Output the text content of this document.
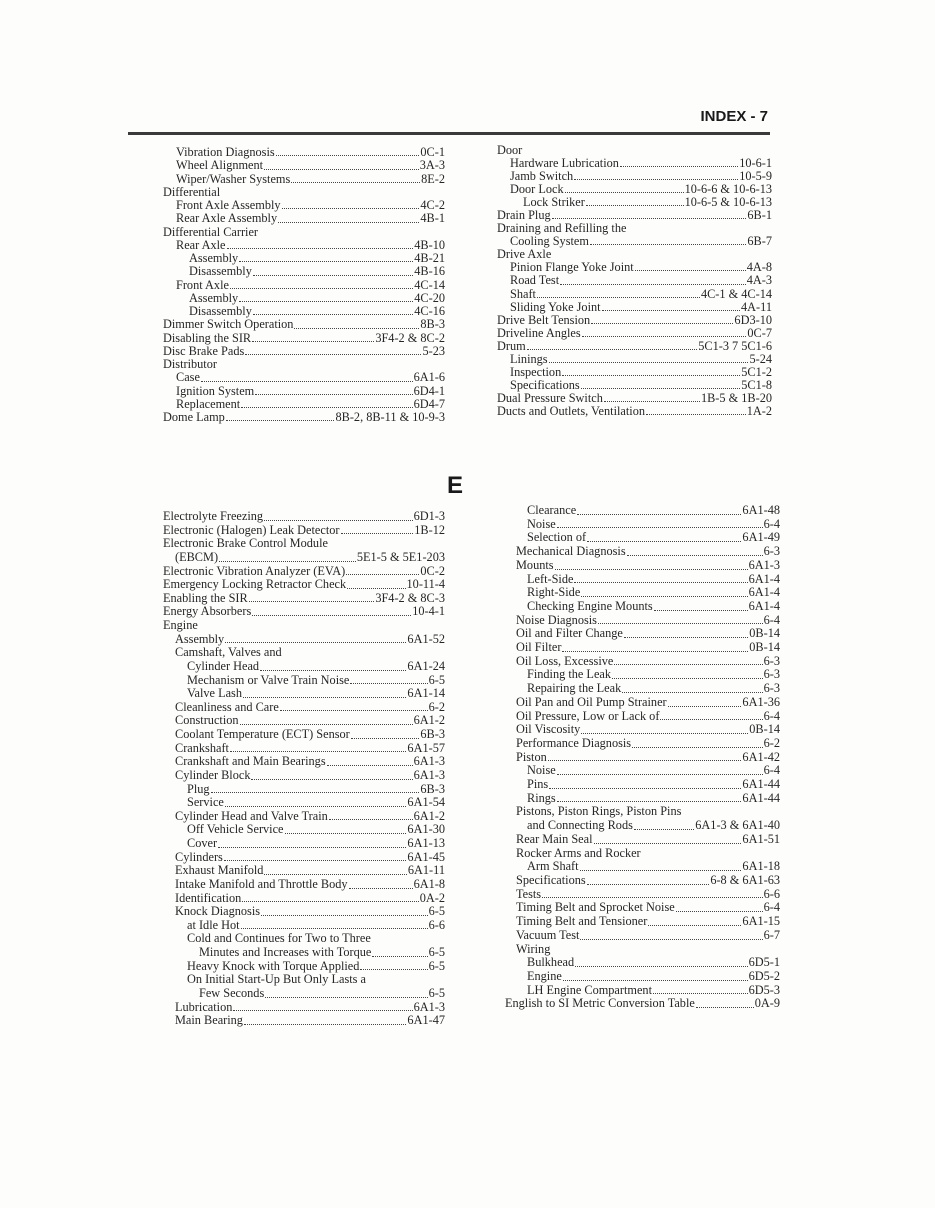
INDEX - 7
E
Vibration Diagnosis	0C-1
Wheel Alignment	3A-3
Wiper/Washer Systems	8E-2
Differential
Front Axle Assembly	4C-2
Rear Axle Assembly	4B-1
Differential Carrier
Rear Axle	4B-10
Assembly	4B-21
Disassembly	4B-16
Front Axle	4C-14
Assembly	4C-20
Disassembly	4C-16
Dimmer Switch Operation	8B-3
Disabling the SIR	3F4-2 & 8C-2
Disc Brake Pads	5-23
Distributor
Case	6A1-6
Ignition System	6D4-1
Replacement	6D4-7
Dome Lamp	8B-2, 8B-11 & 10-9-3
Door
Hardware Lubrication	10-6-1
Jamb Switch	10-5-9
Door Lock	10-6-6 & 10-6-13
Lock Striker	10-6-5 & 10-6-13
Drain Plug	6B-1
Draining and Refilling the
Cooling System	6B-7
Drive Axle
Pinion Flange Yoke Joint	4A-8
Road Test	4A-3
Shaft	4C-1 & 4C-14
Sliding Yoke Joint	4A-11
Drive Belt Tension	6D3-10
Driveline Angles	0C-7
Drum	5C1-3 7 5C1-6
Linings	5-24
Inspection	5C1-2
Specifications	5C1-8
Dual Pressure Switch	1B-5 & 1B-20
Ducts and Outlets, Ventilation	1A-2
Electrolyte Freezing	6D1-3
Electronic (Halogen) Leak Detector	1B-12
Electronic Brake Control Module
(EBCM)	5E1-5 & 5E1-203
Electronic Vibration Analyzer (EVA)	0C-2
Emergency Locking Retractor Check	10-11-4
Enabling the SIR	3F4-2 & 8C-3
Energy Absorbers	10-4-1
Engine
Assembly	6A1-52
Camshaft, Valves and
Cylinder Head	6A1-24
Mechanism or Valve Train Noise	6-5
Valve Lash	6A1-14
Cleanliness and Care	6-2
Construction	6A1-2
Coolant Temperature (ECT) Sensor	6B-3
Crankshaft	6A1-57
Crankshaft and Main Bearings	6A1-3
Cylinder Block	6A1-3
Plug	6B-3
Service	6A1-54
Cylinder Head and Valve Train	6A1-2
Off Vehicle Service	6A1-30
Cover	6A1-13
Cylinders	6A1-45
Exhaust Manifold	6A1-11
Intake Manifold and Throttle Body	6A1-8
Identification	0A-2
Knock Diagnosis	6-5
at Idle Hot	6-6
Cold and Continues for Two to Three
Minutes and Increases with Torque	6-5
Heavy Knock with Torque Applied	6-5
On Initial Start-Up But Only Lasts a
Few Seconds	6-5
Lubrication	6A1-3
Main Bearing	6A1-47
Clearance	6A1-48
Noise	6-4
Selection of	6A1-49
Mechanical Diagnosis	6-3
Mounts	6A1-3
Left-Side	6A1-4
Right-Side	6A1-4
Checking Engine Mounts	6A1-4
Noise Diagnosis	6-4
Oil and Filter Change	0B-14
Oil Filter	0B-14
Oil Loss, Excessive	6-3
Finding the Leak	6-3
Repairing the Leak	6-3
Oil Pan and Oil Pump Strainer	6A1-36
Oil Pressure, Low or Lack of	6-4
Oil Viscosity	0B-14
Performance Diagnosis	6-2
Piston	6A1-42
Noise	6-4
Pins	6A1-44
Rings	6A1-44
Pistons, Piston Rings, Piston Pins
and Connecting Rods	6A1-3 & 6A1-40
Rear Main Seal	6A1-51
Rocker Arms and Rocker
Arm Shaft	6A1-18
Specifications	6-8 & 6A1-63
Tests	6-6
Timing Belt and Sprocket Noise	6-4
Timing Belt and Tensioner	6A1-15
Vacuum Test	6-7
Wiring
Bulkhead	6D5-1
Engine	6D5-2
LH Engine Compartment	6D5-3
English to SI Metric Conversion Table	0A-9
